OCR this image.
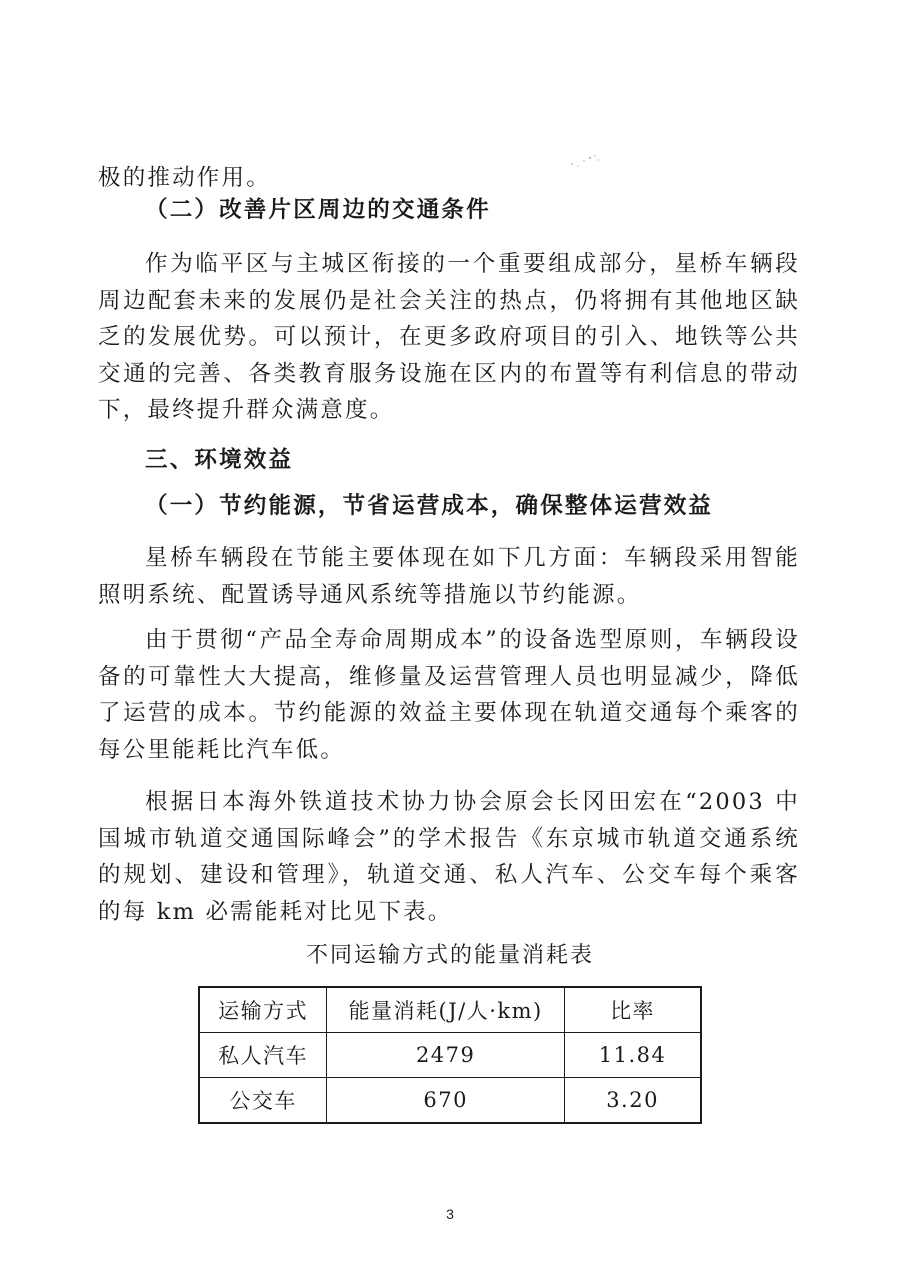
极的推动作用。

（二）改善片区周边的交通条件

作为临平区与主城区衔接的一个重要组成部分，星桥车辆段周边配套未来的发展仍是社会关注的热点，仍将拥有其他地区缺乏的发展优势。可以预计，在更多政府项目的引入、地铁等公共交通的完善、各类教育服务设施在区内的布置等有利信息的带动下，最终提升群众满意度。

三、环境效益

（一）节约能源，节省运营成本，确保整体运营效益

星桥车辆段在节能主要体现在如下几方面：车辆段采用智能照明系统、配置诱导通风系统等措施以节约能源。

由于贯彻“产品全寿命周期成本”的设备选型原则，车辆段设备的可靠性大大提高，维修量及运营管理人员也明显减少，降低了运营的成本。节约能源的效益主要体现在轨道交通每个乘客的每公里能耗比汽车低。

根据日本海外铁道技术协力协会原会长冈田宏在“2003 中国城市轨道交通国际峰会”的学术报告《东京城市轨道交通系统的规划、建设和管理》，轨道交通、私人汽车、公交车每个乘客的每 km 必需能耗对比见下表。

不同运输方式的能量消耗表
运输方式	能量消耗(J/人·km)	比率
私人汽车	2479	11.84
公交车	670	3.20
3
